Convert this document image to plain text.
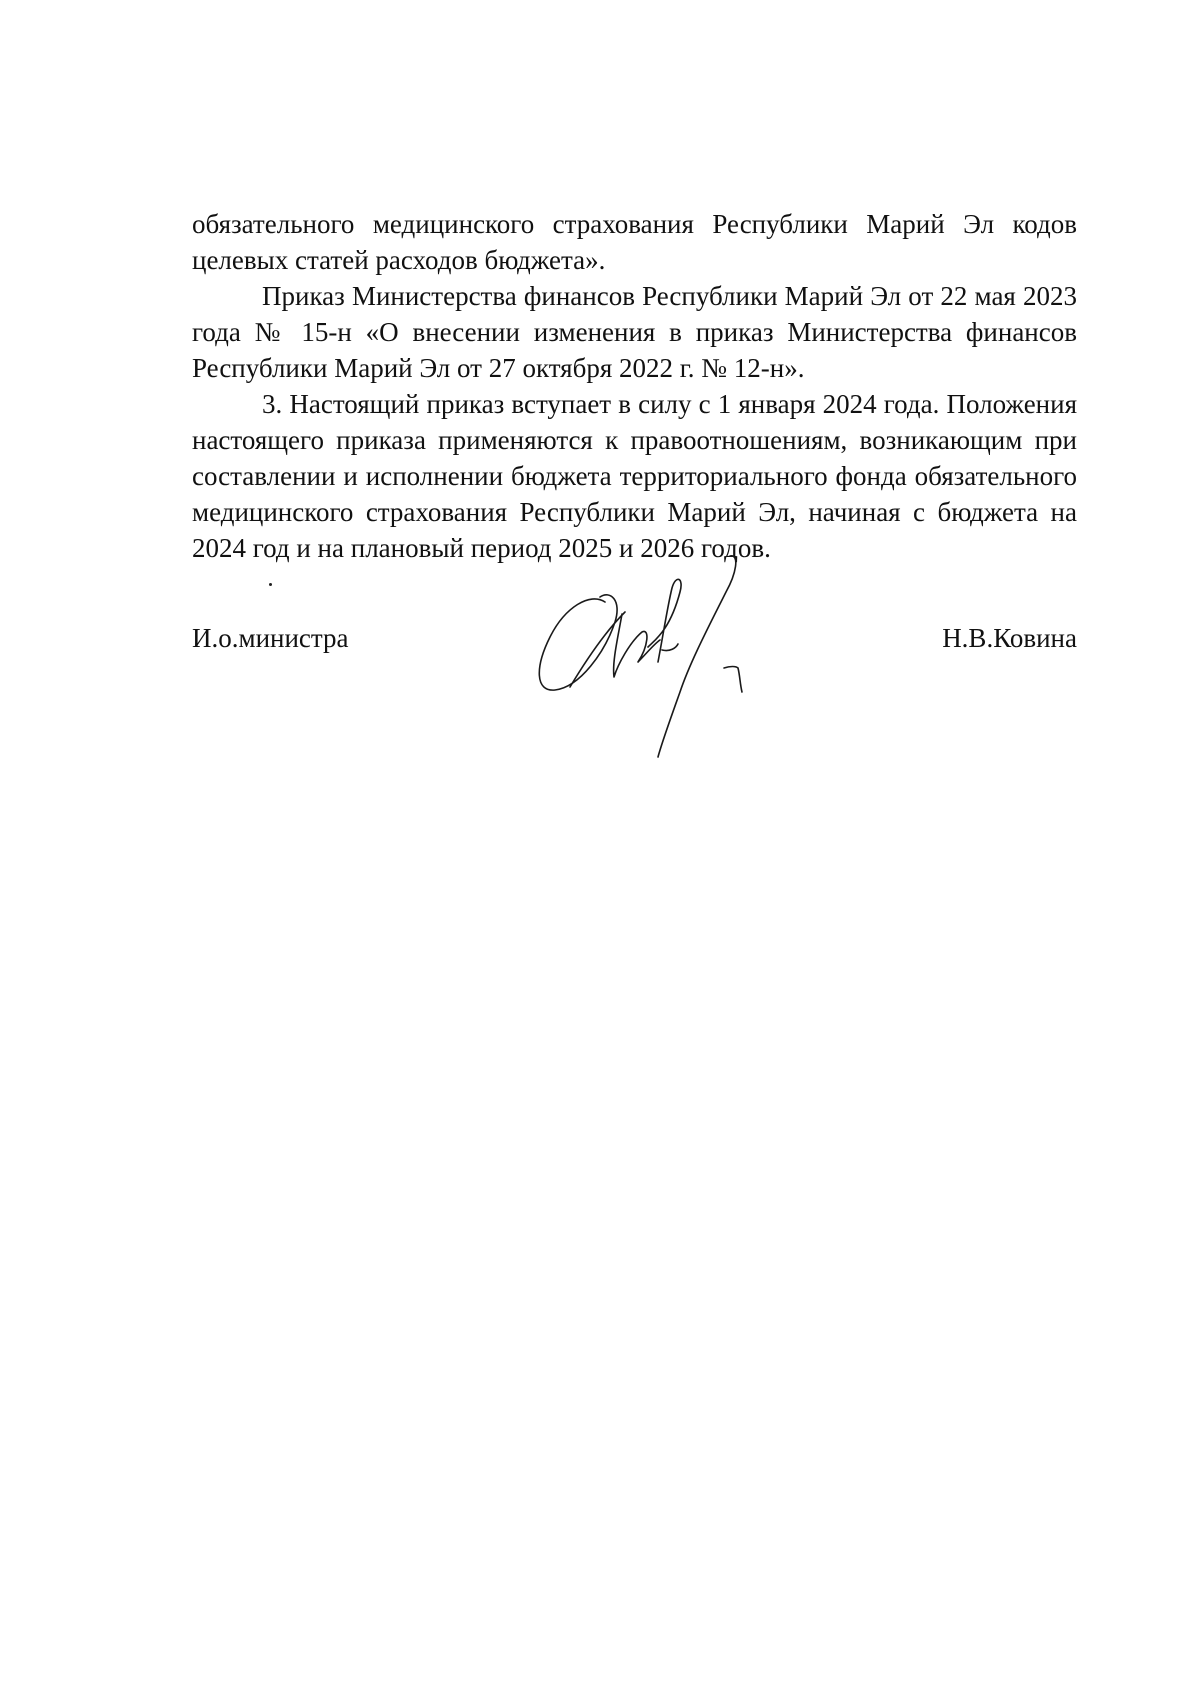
обязательного медицинского страхования Республики Марий Эл кодов целевых статей расходов бюджета».

Приказ Министерства финансов Республики Марий Эл от 22 мая 2023 года № 15-н «О внесении изменения в приказ Министерства финансов Республики Марий Эл от 27 октября 2022 г. № 12-н».

3. Настоящий приказ вступает в силу с 1 января 2024 года. Положения настоящего приказа применяются к правоотношениям, возникающим при составлении и исполнении бюджета территориального фонда обязательного медицинского страхования Республики Марий Эл, начиная с бюджета на 2024 год и на плановый период 2025 и 2026 годов.

И.о.министра	Н.В.Ковина
